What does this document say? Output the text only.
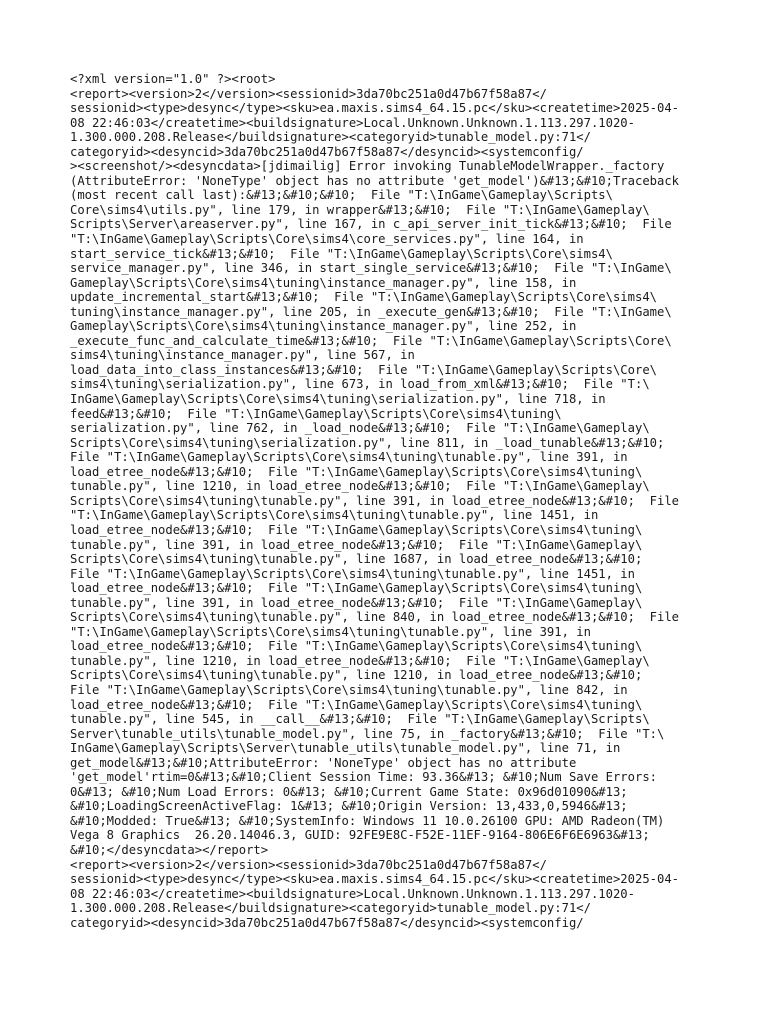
<?xml version="1.0" ?><root>
<report><version>2</version><sessionid>3da70bc251a0d47b67f58a87</
sessionid><type>desync</type><sku>ea.maxis.sims4_64.15.pc</sku><createtime>2025-04-
08 22:46:03</createtime><buildsignature>Local.Unknown.Unknown.1.113.297.1020-
1.300.000.208.Release</buildsignature><categoryid>tunable_model.py:71</
categoryid><desyncid>3da70bc251a0d47b67f58a87</desyncid><systemconfig/
><screenshot/><desyncdata>[jdimailig] Error invoking TunableModelWrapper._factory
(AttributeError: 'NoneType' object has no attribute 'get_model')&#13;&#10;Traceback
(most recent call last):&#13;&#10;&#10;  File "T:\InGame\Gameplay\Scripts\
Core\sims4\utils.py", line 179, in wrapper&#13;&#10;  File "T:\InGame\Gameplay\
Scripts\Server\areaserver.py", line 167, in c_api_server_init_tick&#13;&#10;  File
"T:\InGame\Gameplay\Scripts\Core\sims4\core_services.py", line 164, in
start_service_tick&#13;&#10;  File "T:\InGame\Gameplay\Scripts\Core\sims4\
service_manager.py", line 346, in start_single_service&#13;&#10;  File "T:\InGame\
Gameplay\Scripts\Core\sims4\tuning\instance_manager.py", line 158, in
update_incremental_start&#13;&#10;  File "T:\InGame\Gameplay\Scripts\Core\sims4\
tuning\instance_manager.py", line 205, in _execute_gen&#13;&#10;  File "T:\InGame\
Gameplay\Scripts\Core\sims4\tuning\instance_manager.py", line 252, in
_execute_func_and_calculate_time&#13;&#10;  File "T:\InGame\Gameplay\Scripts\Core\
sims4\tuning\instance_manager.py", line 567, in
load_data_into_class_instances&#13;&#10;  File "T:\InGame\Gameplay\Scripts\Core\
sims4\tuning\serialization.py", line 673, in load_from_xml&#13;&#10;  File "T:\
InGame\Gameplay\Scripts\Core\sims4\tuning\serialization.py", line 718, in
feed&#13;&#10;  File "T:\InGame\Gameplay\Scripts\Core\sims4\tuning\
serialization.py", line 762, in _load_node&#13;&#10;  File "T:\InGame\Gameplay\
Scripts\Core\sims4\tuning\serialization.py", line 811, in _load_tunable&#13;&#10;
File "T:\InGame\Gameplay\Scripts\Core\sims4\tuning\tunable.py", line 391, in
load_etree_node&#13;&#10;  File "T:\InGame\Gameplay\Scripts\Core\sims4\tuning\
tunable.py", line 1210, in load_etree_node&#13;&#10;  File "T:\InGame\Gameplay\
Scripts\Core\sims4\tuning\tunable.py", line 391, in load_etree_node&#13;&#10;  File
"T:\InGame\Gameplay\Scripts\Core\sims4\tuning\tunable.py", line 1451, in
load_etree_node&#13;&#10;  File "T:\InGame\Gameplay\Scripts\Core\sims4\tuning\
tunable.py", line 391, in load_etree_node&#13;&#10;  File "T:\InGame\Gameplay\
Scripts\Core\sims4\tuning\tunable.py", line 1687, in load_etree_node&#13;&#10;
File "T:\InGame\Gameplay\Scripts\Core\sims4\tuning\tunable.py", line 1451, in
load_etree_node&#13;&#10;  File "T:\InGame\Gameplay\Scripts\Core\sims4\tuning\
tunable.py", line 391, in load_etree_node&#13;&#10;  File "T:\InGame\Gameplay\
Scripts\Core\sims4\tuning\tunable.py", line 840, in load_etree_node&#13;&#10;  File
"T:\InGame\Gameplay\Scripts\Core\sims4\tuning\tunable.py", line 391, in
load_etree_node&#13;&#10;  File "T:\InGame\Gameplay\Scripts\Core\sims4\tuning\
tunable.py", line 1210, in load_etree_node&#13;&#10;  File "T:\InGame\Gameplay\
Scripts\Core\sims4\tuning\tunable.py", line 1210, in load_etree_node&#13;&#10;
File "T:\InGame\Gameplay\Scripts\Core\sims4\tuning\tunable.py", line 842, in
load_etree_node&#13;&#10;  File "T:\InGame\Gameplay\Scripts\Core\sims4\tuning\
tunable.py", line 545, in __call__&#13;&#10;  File "T:\InGame\Gameplay\Scripts\
Server\tunable_utils\tunable_model.py", line 75, in _factory&#13;&#10;  File "T:\
InGame\Gameplay\Scripts\Server\tunable_utils\tunable_model.py", line 71, in
get_model&#13;&#10;AttributeError: 'NoneType' object has no attribute
'get_model'rtim=0&#13;&#10;Client Session Time: 93.36&#13; &#10;Num Save Errors:
0&#13; &#10;Num Load Errors: 0&#13; &#10;Current Game State: 0x96d01090&#13;
&#10;LoadingScreenActiveFlag: 1&#13; &#10;Origin Version: 13,433,0,5946&#13;
&#10;Modded: True&#13; &#10;SystemInfo: Windows 11 10.0.26100 GPU: AMD Radeon(TM)
Vega 8 Graphics  26.20.14046.3, GUID: 92FE9E8C-F52E-11EF-9164-806E6F6E6963&#13;
&#10;</desyncdata></report>
<report><version>2</version><sessionid>3da70bc251a0d47b67f58a87</
sessionid><type>desync</type><sku>ea.maxis.sims4_64.15.pc</sku><createtime>2025-04-
08 22:46:03</createtime><buildsignature>Local.Unknown.Unknown.1.113.297.1020-
1.300.000.208.Release</buildsignature><categoryid>tunable_model.py:71</
categoryid><desyncid>3da70bc251a0d47b67f58a87</desyncid><systemconfig/
